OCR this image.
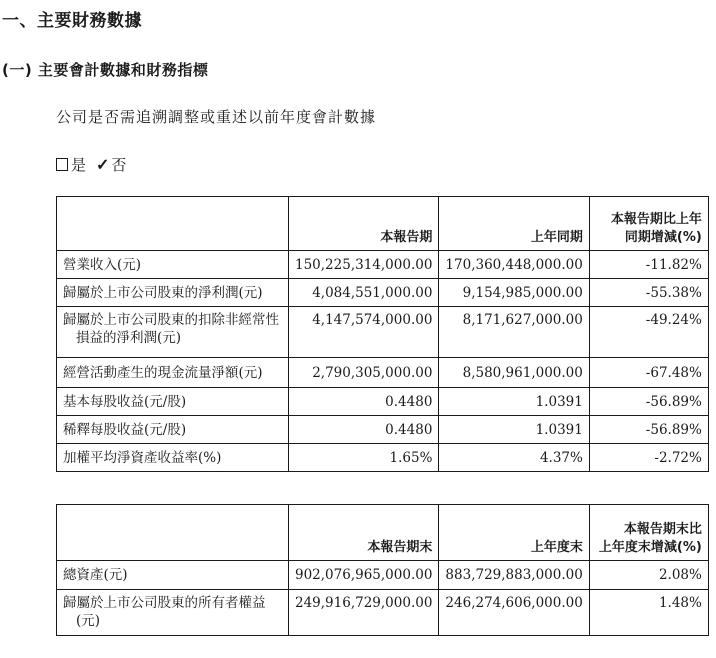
一、主要財務數據
(一) 主要會計數據和財務指標
公司是否需追溯調整或重述以前年度會計數據
是 ✓ 否
	本報告期	上年同期	本報告期比上年
同期增減(%)

營業收入(元)	150,225,314,000.00	170,360,448,000.00	-11.82%
歸屬於上市公司股東的淨利潤(元)	4,084,551,000.00	9,154,985,000.00	-55.38%

歸屬於上市公司股東的扣除非經常性
損益的淨利潤(元)	4,147,574,000.00	8,171,627,000.00	-49.24%
經營活動產生的現金流量淨額(元)	2,790,305,000.00	8,580,961,000.00	-67.48%
基本每股收益(元/股)	0.4480	1.0391	-56.89%
稀釋每股收益(元/股)	0.4480	1.0391	-56.89%
加權平均淨資產收益率(%)	1.65%	4.37%	-2.72%
	本報告期末	上年度末	本報告期末比
上年度末增減(%)

總資產(元)	902,076,965,000.00	883,729,883,000.00	2.08%

歸屬於上市公司股東的所有者權益
(元)	249,916,729,000.00	246,274,606,000.00	1.48%
